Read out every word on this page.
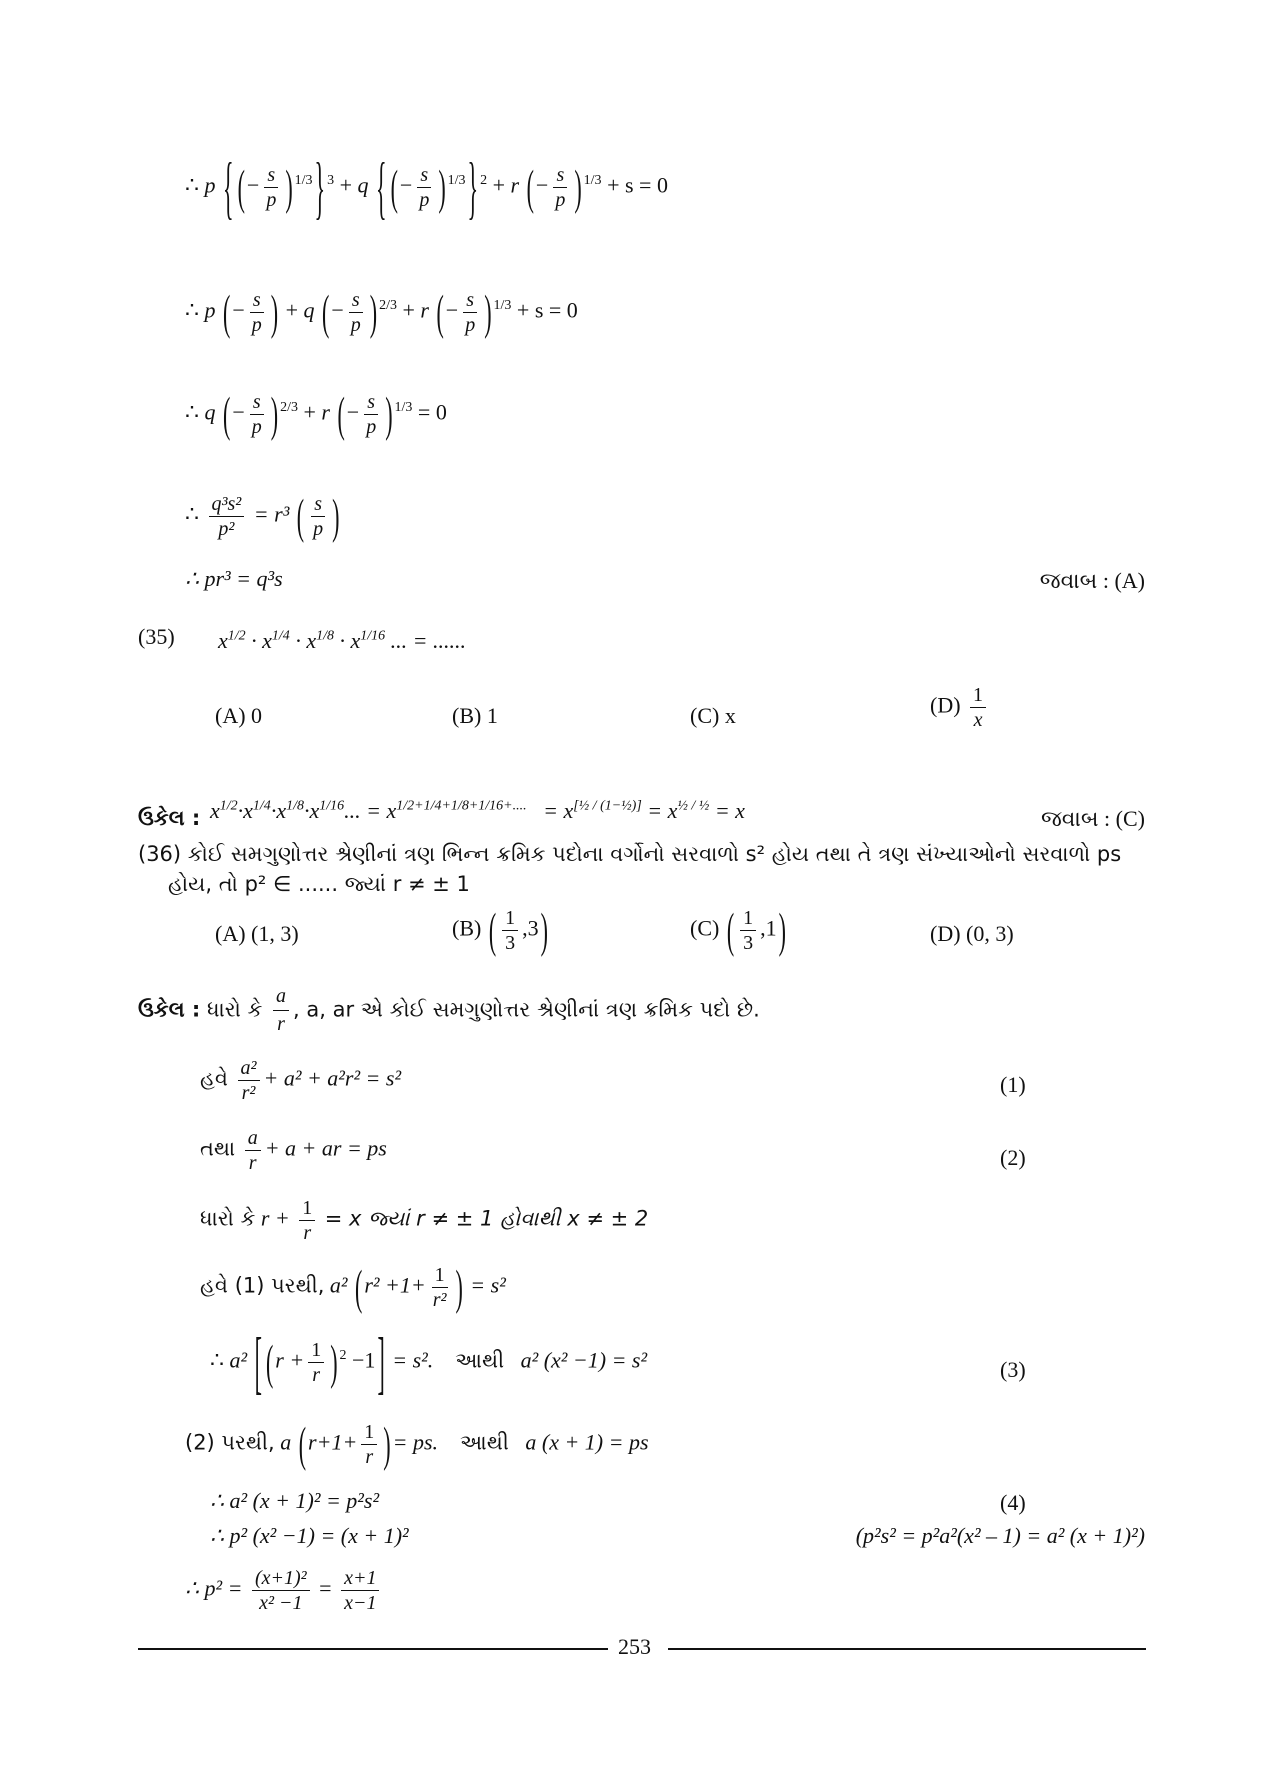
∴ p { (− $\frac{s}{p}$ ) $^{1/3}$} $^3$ + q { (− $\frac{s}{p}$ ) $^{1/3}$} $^2$ + r (− $\frac{s}{p}$ ) $^{1/3}$ + s = 0
∴ p (− $\frac{s}{p}$ ) + q (− $\frac{s}{p}$ ) $^{2/3}$ + r (− $\frac{s}{p}$ ) $^{1/3}$ + s = 0
∴ q (− $\frac{s}{p}$ ) $^{2/3}$ + r (− $\frac{s}{p}$ ) $^{1/3}$ = 0
∴ $\frac{\text{q³s²}}{\text{p²}} = r^3$ ( $\frac{s}{p}$ )
∴ pr³ = q³s	જવાબ : (A)
(35) $x^{1/2} \cdot x^{1/4} \cdot x^{1/8} \cdot x^{1/16}$ ... = ......
(A) 0	(B) 1	(C) x	$(D) \frac{1}{x}$
ઉકેલ : $x^{1/2}\cdot x^{1/4}\cdot x^{1/8}\cdot x^{1/16}$... = $x^{1/2+1/4+1/8+1/16+....} = x[\frac{1}{2} / (1-\frac{1}{2})] = x^{\frac{1}{2} / \frac{1}{2}} = x$	જવાબ : (C)
(36) કોઈ સમગુણોત્તર શ્રેણીનાં ત્રણ ભિન્ન ક્રમિક પદોના વર્ગોનો સરવાળો s² હોય તથા તે ત્રણ સંખ્યાઓનો સરવાળો ps
હોય, તો p² ∈ ...... જ્યાં r ≠ ± 1
(A) (1, 3)	(B) ( $\frac{1}{3} ,3$)	(C) ( $\frac{1}{3} ,1$)	(D) (0, 3)
ઉકેલ : ધારો કે $\frac{a}{r}$ , a, ar એ કોઈ સમગુણોત્તર શ્રેણીનાં ત્રણ ક્રમિક પદો છે.
હવે $\frac{\text{a²}}{\text{r²}} + a^2 + a^2r^2 = s^2$	(1)
તથા $\frac{a}{r} + a$ + ar = ps	(2)
ધારો કે $r + \frac{1}{r} = x$ જ્યાં r ≠ ± 1 હોવાથી x ≠ ± 2
હવે (1) પરથી, a² ($r^2 +1+ \frac{1}{\text{r²}}$ ) = s²
∴ a² [ ($r + \frac{1}{r}$ ) $^2$ −1] = s². આથી a² (x² −1) = s²	(3)
(2) પરથી, a ($r+1+ \frac{1}{r}$ )= ps. આથી a (x + 1) = ps
∴ a² (x + 1)² = p²s²	(4)
∴ p² (x² −1) = (x + 1)²	(p²s² = p²a²(x² – 1) = a² (x + 1)²)
∴ $p^2 = \frac{\text{(x+1)²}}{\text{x² −1}} = \frac{x+1}{x-1}$
253
